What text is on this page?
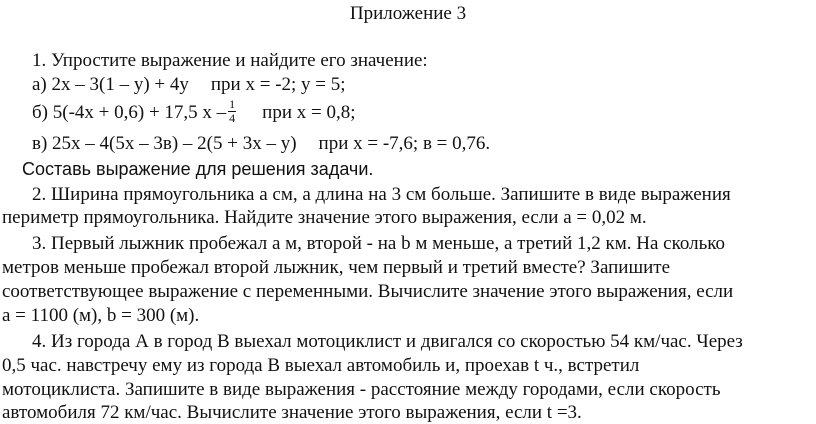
Приложение 3
1. Упростите выражение и найдите его значение:
а) 2х – 3(1 – у) + 4у при х = -2; у = 5;
б) 5(-4х + 0,6) + 17,5 х – $\frac{1}{4}$ при х = 0,8;
в) 25х – 4(5х – 3в) – 2(5 + 3х – у) при х = -7,6; в = 0,76.
Составь выражение для решения задачи.
2. Ширина прямоугольника а см, а длина на 3 см больше. Запишите в виде выражения
периметр прямоугольника. Найдите значение этого выражения, если а = 0,02 м.
3. Первый лыжник пробежал а м, второй - на b м меньше, а третий 1,2 км. На сколько
метров меньше пробежал второй лыжник, чем первый и третий вместе? Запишите
соответствующее выражение с переменными. Вычислите значение этого выражения, если
а = 1100 (м), b = 300 (м).
4. Из города А в город В выехал мотоциклист и двигался со скоростью 54 км/час. Через
0,5 час. навстречу ему из города В выехал автомобиль и, проехав t ч., встретил
мотоциклиста. Запишите в виде выражения - расстояние между городами, если скорость
автомобиля 72 км/час. Вычислите значение этого выражения, если t =3.
